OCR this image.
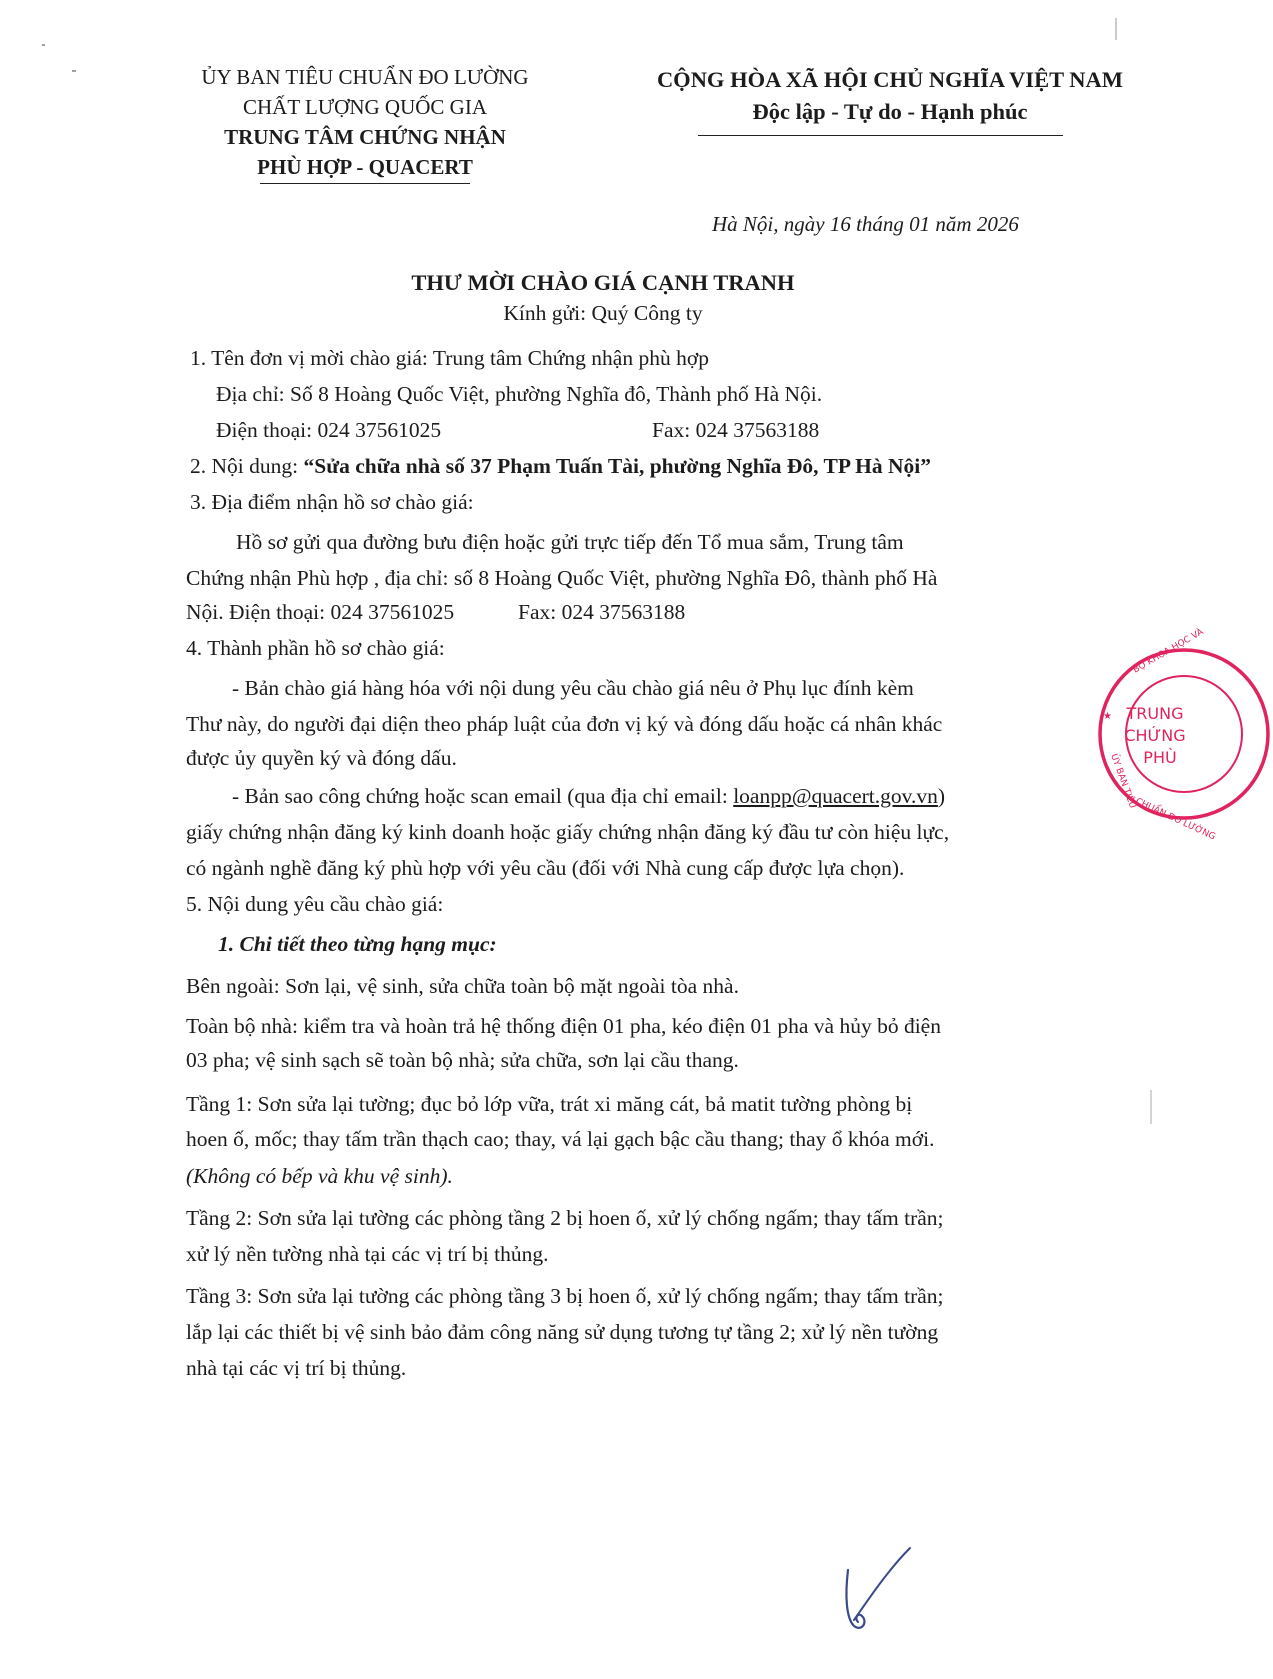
ỦY BAN TIÊU CHUẨN ĐO LƯỜNG
CHẤT LƯỢNG QUỐC GIA
TRUNG TÂM CHỨNG NHẬN
PHÙ HỢP - QUACERT
CỘNG HÒA XÃ HỘI CHỦ NGHĨA VIỆT NAM
Độc lập - Tự do - Hạnh phúc
Hà Nội, ngày 16 tháng 01 năm 2026
THƯ MỜI CHÀO GIÁ CẠNH TRANH
Kính gửi: Quý Công ty
1. Tên đơn vị mời chào giá: Trung tâm Chứng nhận phù hợp
Địa chỉ: Số 8 Hoàng Quốc Việt, phường Nghĩa đô, Thành phố Hà Nội.
Điện thoại: 024 37561025	Fax: 024 37563188
2. Nội dung: “Sửa chữa nhà số 37 Phạm Tuấn Tài, phường Nghĩa Đô, TP Hà Nội”
3. Địa điểm nhận hồ sơ chào giá:
Hồ sơ gửi qua đường bưu điện hoặc gửi trực tiếp đến Tổ mua sắm, Trung tâm
Chứng nhận Phù hợp , địa chỉ: số 8 Hoàng Quốc Việt, phường Nghĩa Đô, thành phố Hà
Nội. Điện thoại: 024 37561025	Fax: 024 37563188
4. Thành phần hồ sơ chào giá:
- Bản chào giá hàng hóa với nội dung yêu cầu chào giá nêu ở Phụ lục đính kèm
Thư này, do người đại diện theo pháp luật của đơn vị ký và đóng dấu hoặc cá nhân khác
được ủy quyền ký và đóng dấu.
- Bản sao công chứng hoặc scan email (qua địa chỉ email: loanpp@quacert.gov.vn)
giấy chứng nhận đăng ký kinh doanh hoặc giấy chứng nhận đăng ký đầu tư còn hiệu lực,
có ngành nghề đăng ký phù hợp với yêu cầu (đối với Nhà cung cấp được lựa chọn).
5. Nội dung yêu cầu chào giá:
1. Chi tiết theo từng hạng mục:
Bên ngoài: Sơn lại, vệ sinh, sửa chữa toàn bộ mặt ngoài tòa nhà.
Toàn bộ nhà: kiểm tra và hoàn trả hệ thống điện 01 pha, kéo điện 01 pha và hủy bỏ điện
03 pha; vệ sinh sạch sẽ toàn bộ nhà; sửa chữa, sơn lại cầu thang.
Tầng 1: Sơn sửa lại tường; đục bỏ lớp vữa, trát xi măng cát, bả matit tường phòng bị
hoen ố, mốc; thay tấm trần thạch cao; thay, vá lại gạch bậc cầu thang; thay ổ khóa mới.
(Không có bếp và khu vệ sinh).
Tầng 2: Sơn sửa lại tường các phòng tầng 2 bị hoen ố, xử lý chống ngấm; thay tấm trần;
xử lý nền tường nhà tại các vị trí bị thủng.
Tầng 3: Sơn sửa lại tường các phòng tầng 3 bị hoen ố, xử lý chống ngấm; thay tấm trần;
lắp lại các thiết bị vệ sinh bảo đảm công năng sử dụng tương tự tầng 2; xử lý nền tường
nhà tại các vị trí bị thủng.
TRUNG
CHỨNG
PHÙ
BỘ KHOA HỌC VÀ
ỦY BAN TIÊU
CHUẨN ĐO LƯỜNG
★
